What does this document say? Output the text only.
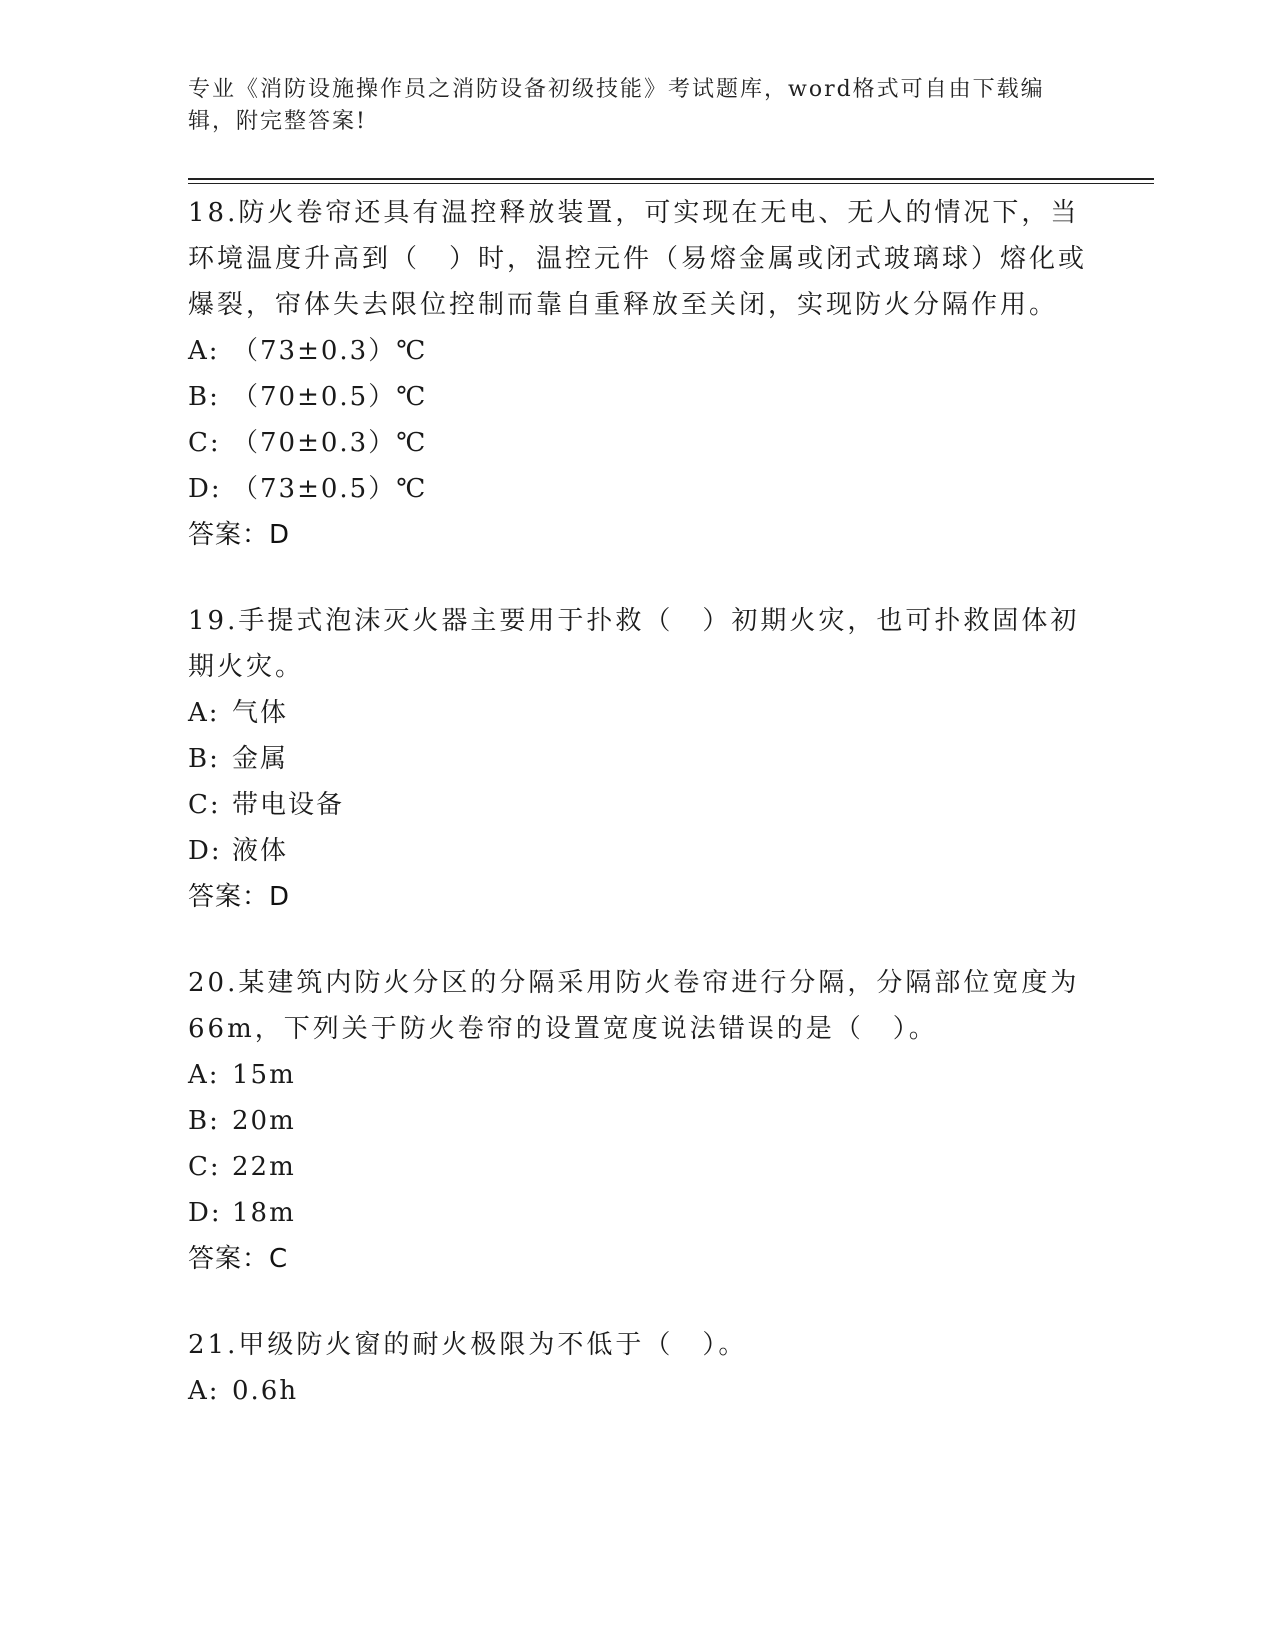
专业《消防设施操作员之消防设备初级技能》考试题库，word格式可自由下载编辑，附完整答案!

18.防火卷帘还具有温控释放装置，可实现在无电、无人的情况下，当环境温度升高到（　）时，温控元件（易熔金属或闭式玻璃球）熔化或爆裂，帘体失去限位控制而靠自重释放至关闭，实现防火分隔作用。

A: （73±0.3）℃
B: （70±0.5）℃
C: （70±0.3）℃
D: （73±0.5）℃
答案：D

19.手提式泡沫灭火器主要用于扑救（　）初期火灾，也可扑救固体初期火灾。

A: 气体
B: 金属
C: 带电设备
D: 液体
答案：D

20.某建筑内防火分区的分隔采用防火卷帘进行分隔，分隔部位宽度为66m，下列关于防火卷帘的设置宽度说法错误的是（　）。

A: 15m
B: 20m
C: 22m
D: 18m
答案：C

21.甲级防火窗的耐火极限为不低于（　）。

A: 0.6h
